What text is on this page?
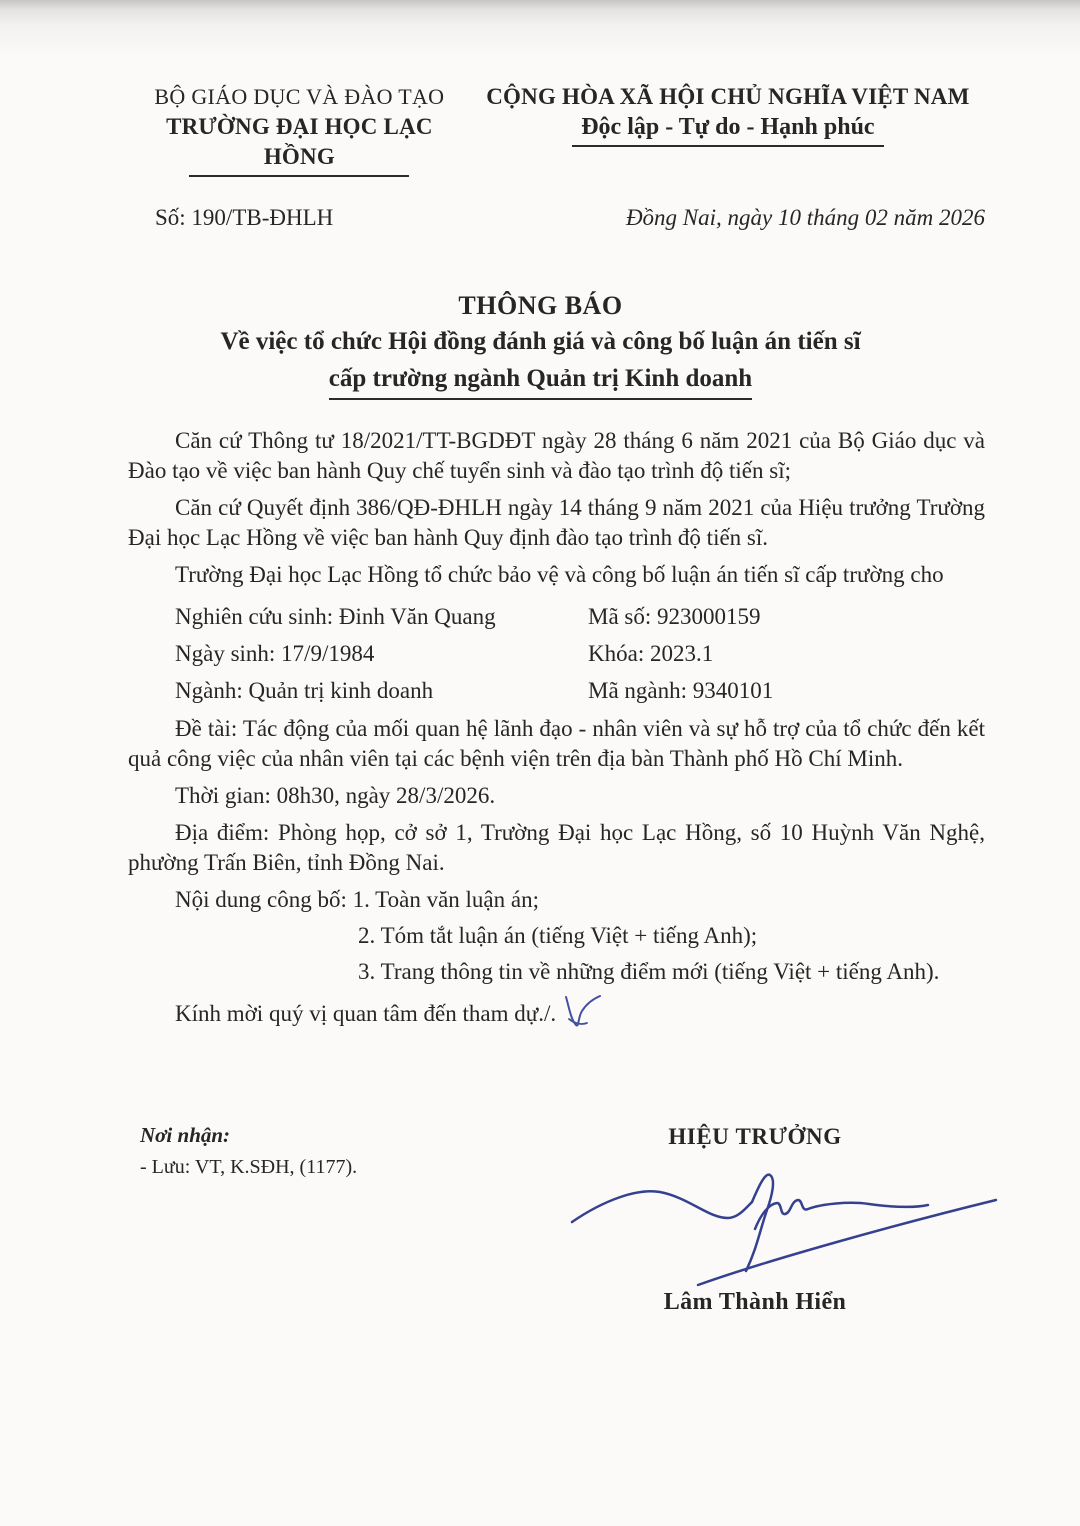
BỘ GIÁO DỤC VÀ ĐÀO TẠO
TRƯỜNG ĐẠI HỌC LẠC HỒNG
CỘNG HÒA XÃ HỘI CHỦ NGHĨA VIỆT NAM
Độc lập - Tự do - Hạnh phúc
Số: 190/TB-ĐHLH	Đồng Nai, ngày 10 tháng 02 năm 2026
THÔNG BÁO
Về việc tổ chức Hội đồng đánh giá và công bố luận án tiến sĩ
cấp trường ngành Quản trị Kinh doanh

Căn cứ Thông tư 18/2021/TT-BGDĐT ngày 28 tháng 6 năm 2021 của Bộ Giáo dục và Đào tạo về việc ban hành Quy chế tuyển sinh và đào tạo trình độ tiến sĩ;

Căn cứ Quyết định 386/QĐ-ĐHLH ngày 14 tháng 9 năm 2021 của Hiệu trưởng Trường Đại học Lạc Hồng về việc ban hành Quy định đào tạo trình độ tiến sĩ.

Trường Đại học Lạc Hồng tổ chức bảo vệ và công bố luận án tiến sĩ cấp trường cho

Nghiên cứu sinh: Đinh Văn Quang	Mã số: 923000159
Ngày sinh: 17/9/1984	Khóa: 2023.1
Ngành: Quản trị kinh doanh	Mã ngành: 9340101

Đề tài: Tác động của mối quan hệ lãnh đạo - nhân viên và sự hỗ trợ của tổ chức đến kết quả công việc của nhân viên tại các bệnh viện trên địa bàn Thành phố Hồ Chí Minh.

Thời gian: 08h30, ngày 28/3/2026.

Địa điểm: Phòng họp, cở sở 1, Trường Đại học Lạc Hồng, số 10 Huỳnh Văn Nghệ, phường Trấn Biên, tỉnh Đồng Nai.

Nội dung công bố: 1. Toàn văn luận án;

2. Tóm tắt luận án (tiếng Việt + tiếng Anh);

3. Trang thông tin về những điểm mới (tiếng Việt + tiếng Anh).

Kính mời quý vị quan tâm đến tham dự./.

Nơi nhận:
- Lưu: VT, K.SĐH, (1177).
HIỆU TRƯỞNG
Lâm Thành Hiển
